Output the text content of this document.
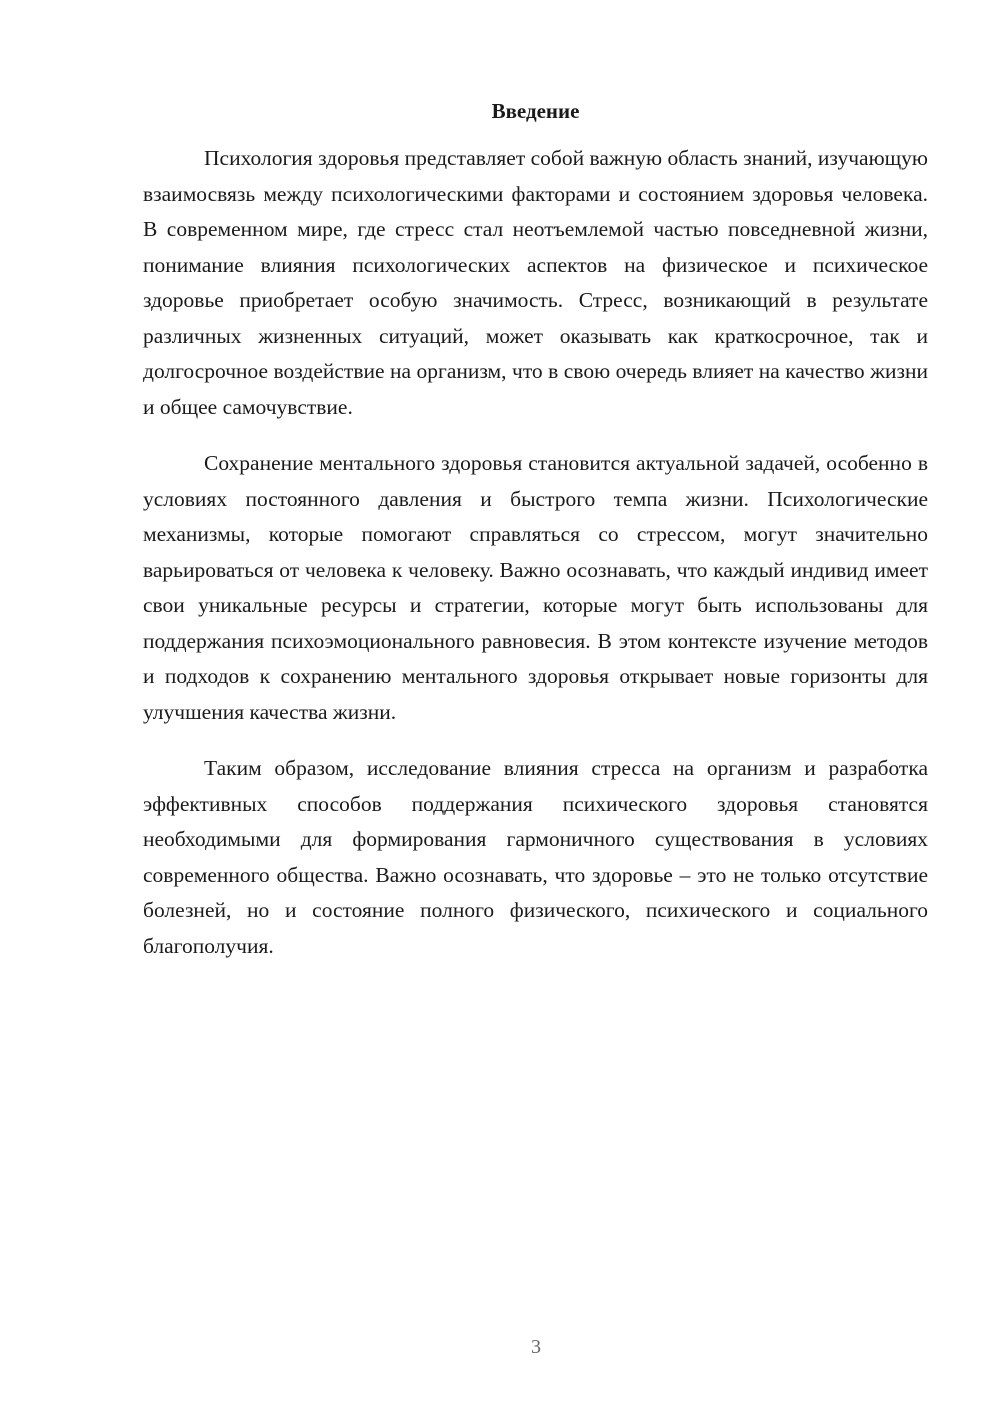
Введение

Психология здоровья представляет собой важную область знаний, изучающую взаимосвязь между психологическими факторами и состоянием здоровья человека. В современном мире, где стресс стал неотъемлемой частью повседневной жизни, понимание влияния психологических аспектов на физическое и психическое здоровье приобретает особую значимость. Стресс, возникающий в результате различных жизненных ситуаций, может оказывать как краткосрочное, так и долгосрочное воздействие на организм, что в свою очередь влияет на качество жизни и общее самочувствие.

Сохранение ментального здоровья становится актуальной задачей, особенно в условиях постоянного давления и быстрого темпа жизни. Психологические механизмы, которые помогают справляться со стрессом, могут значительно варьироваться от человека к человеку. Важно осознавать, что каждый индивид имеет свои уникальные ресурсы и стратегии, которые могут быть использованы для поддержания психоэмоционального равновесия. В этом контексте изучение методов и подходов к сохранению ментального здоровья открывает новые горизонты для улучшения качества жизни.

Таким образом, исследование влияния стресса на организм и разработка эффективных способов поддержания психического здоровья становятся необходимыми для формирования гармоничного существования в условиях современного общества. Важно осознавать, что здоровье – это не только отсутствие болезней, но и состояние полного физического, психического и социального благополучия.

3
